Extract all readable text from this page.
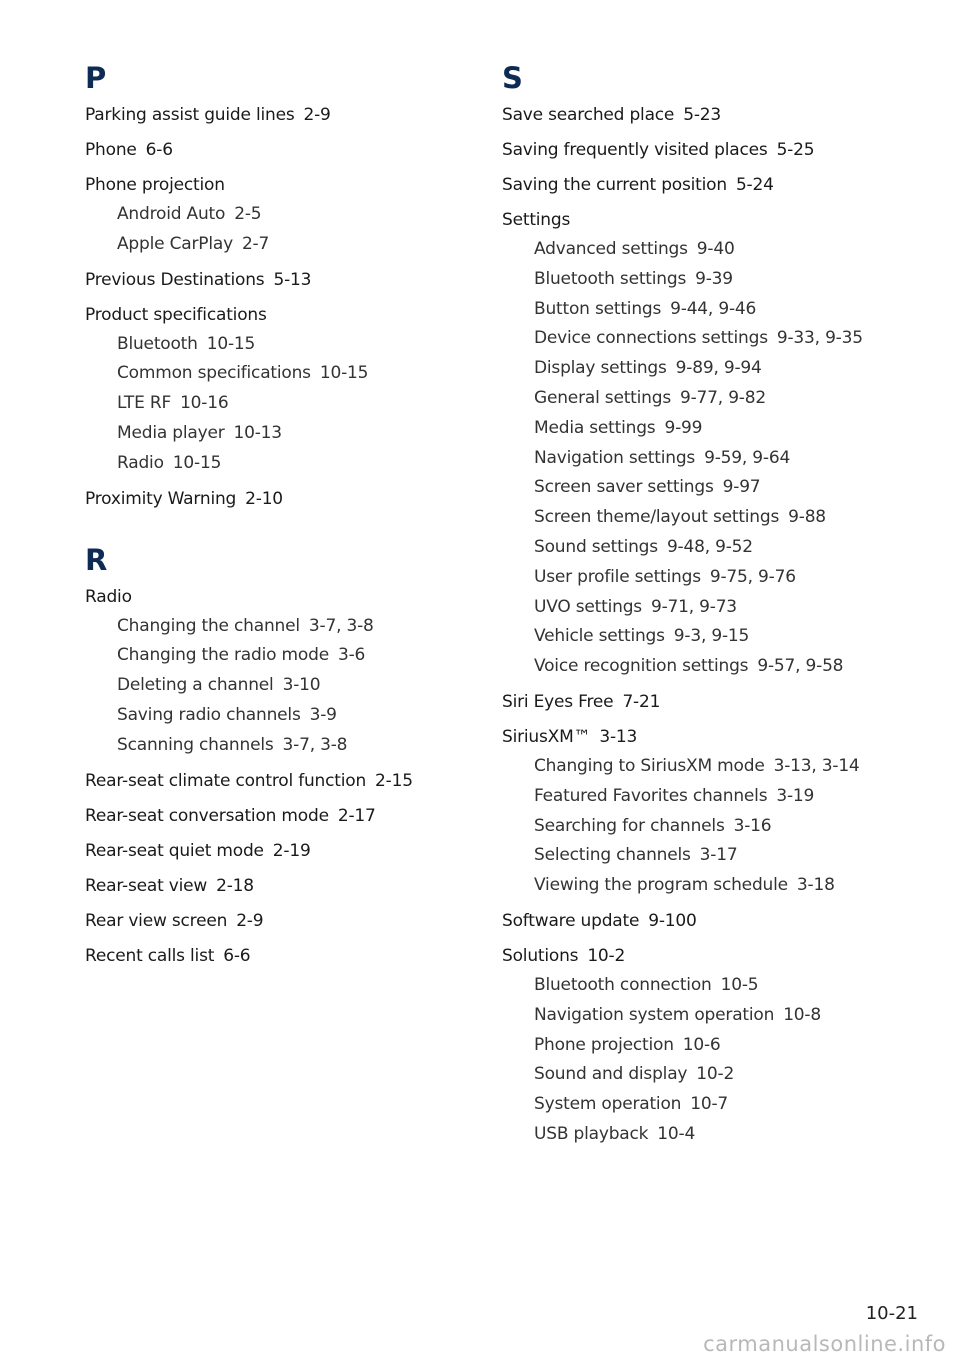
P
Parking assist guide lines 2-9
Phone 6-6
Phone projection
Android Auto 2-5
Apple CarPlay 2-7
Previous Destinations 5-13
Product specifications
Bluetooth 10-15
Common specifications 10-15
LTE RF 10-16
Media player 10-13
Radio 10-15
Proximity Warning 2-10
R
Radio
Changing the channel 3-7, 3-8
Changing the radio mode 3-6
Deleting a channel 3-10
Saving radio channels 3-9
Scanning channels 3-7, 3-8
Rear-seat climate control function 2-15
Rear-seat conversation mode 2-17
Rear-seat quiet mode 2-19
Rear-seat view 2-18
Rear view screen 2-9
Recent calls list 6-6
S
Save searched place 5-23
Saving frequently visited places 5-25
Saving the current position 5-24
Settings
Advanced settings 9-40
Bluetooth settings 9-39
Button settings 9-44, 9-46
Device connections settings 9-33, 9-35
Display settings 9-89, 9-94
General settings 9-77, 9-82
Media settings 9-99
Navigation settings 9-59, 9-64
Screen saver settings 9-97
Screen theme/layout settings 9-88
Sound settings 9-48, 9-52
User profile settings 9-75, 9-76
UVO settings 9-71, 9-73
Vehicle settings 9-3, 9-15
Voice recognition settings 9-57, 9-58
Siri Eyes Free 7-21
SiriusXM™ 3-13
Changing to SiriusXM mode 3-13, 3-14
Featured Favorites channels 3-19
Searching for channels 3-16
Selecting channels 3-17
Viewing the program schedule 3-18
Software update 9-100
Solutions 10-2
Bluetooth connection 10-5
Navigation system operation 10-8
Phone projection 10-6
Sound and display 10-2
System operation 10-7
USB playback 10-4
10-21
carmanualsonline.info
